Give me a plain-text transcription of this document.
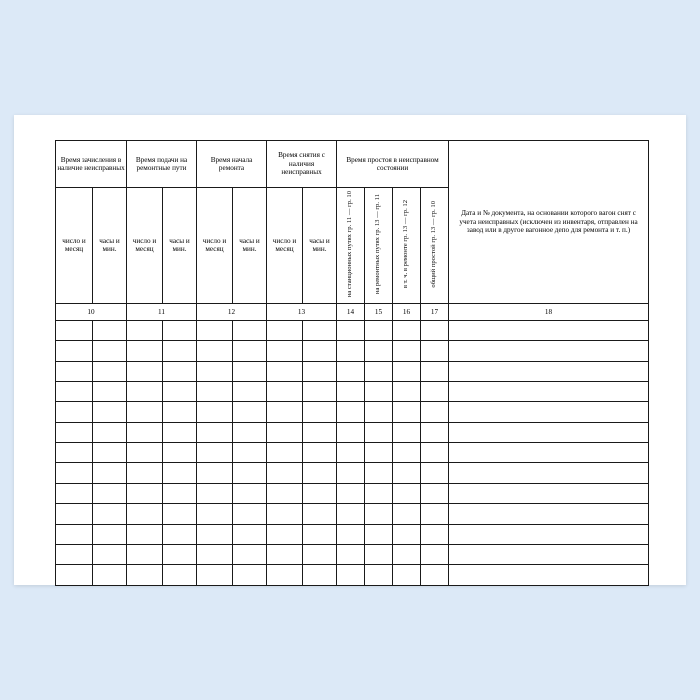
Время зачисления в наличие неисправных		Время подачи на ремонтные пути		Время начала ремонта		Время снятия с наличия неисправных		Время простоя в неисправном состоянии				Дата и № документа, на основании которого вагон снят с учета неисправных (исключен из инвентаря, отправлен на завод или в другое вагонное депо для ремонта и т. п.)
число и месяц	часы и мин.	число и месяц	часы и мин.	число и месяц	часы и мин.	число и месяц	часы и мин.	на станционных путях гр. 11 — гр. 10	на ремонтных путях гр. 13 — гр. 11	в т. ч. в ремонте гр. 13 — гр. 12	общий простой гр. 13 — гр. 10	
10		11		12		13		14	15	16	17	18
